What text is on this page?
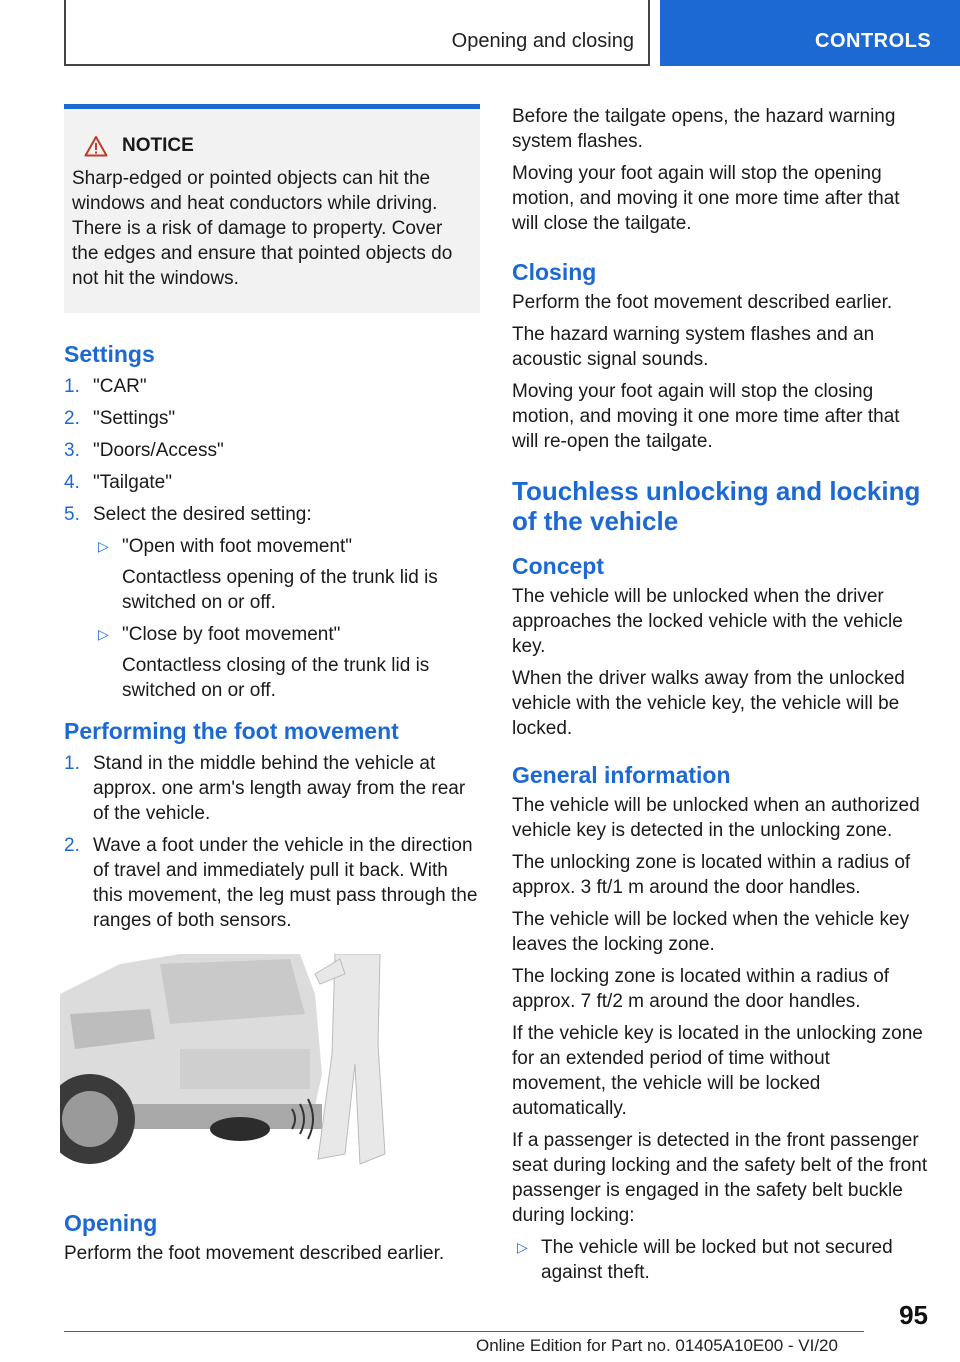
Opening and closing	CONTROLS
NOTICE
Sharp-edged or pointed objects can hit the windows and heat conductors while driving. There is a risk of damage to property. Cover the edges and ensure that pointed objects do not hit the windows.
Settings
1. "CAR"
2. "Settings"
3. "Doors/Access"
4. "Tailgate"
5. Select the desired setting:
▷ "Open with foot movement"
Contactless opening of the trunk lid is switched on or off.
▷ "Close by foot movement"
Contactless closing of the trunk lid is switched on or off.
Performing the foot movement
1. Stand in the middle behind the vehicle at approx. one arm's length away from the rear of the vehicle.
2. Wave a foot under the vehicle in the direction of travel and immediately pull it back. With this movement, the leg must pass through the ranges of both sensors.
Opening

Perform the foot movement described earlier.

Before the tailgate opens, the hazard warning system flashes.

Moving your foot again will stop the opening motion, and moving it one more time after that will close the tailgate.

Closing

Perform the foot movement described earlier.

The hazard warning system flashes and an acoustic signal sounds.

Moving your foot again will stop the closing motion, and moving it one more time after that will re-open the tailgate.

Touchless unlocking and locking of the vehicle
Concept

The vehicle will be unlocked when the driver approaches the locked vehicle with the vehicle key.

When the driver walks away from the unlocked vehicle with the vehicle key, the vehicle will be locked.

General information

The vehicle will be unlocked when an authorized vehicle key is detected in the unlocking zone.

The unlocking zone is located within a radius of approx. 3 ft/1 m around the door handles.

The vehicle will be locked when the vehicle key leaves the locking zone.

The locking zone is located within a radius of approx. 7 ft/2 m around the door handles.

If the vehicle key is located in the unlocking zone for an extended period of time without movement, the vehicle will be locked automatically.

If a passenger is detected in the front passenger seat during locking and the safety belt of the front passenger is engaged in the safety belt buckle during locking:

▷ The vehicle will be locked but not secured against theft.
95
Online Edition for Part no. 01405A10E00 - VI/20
